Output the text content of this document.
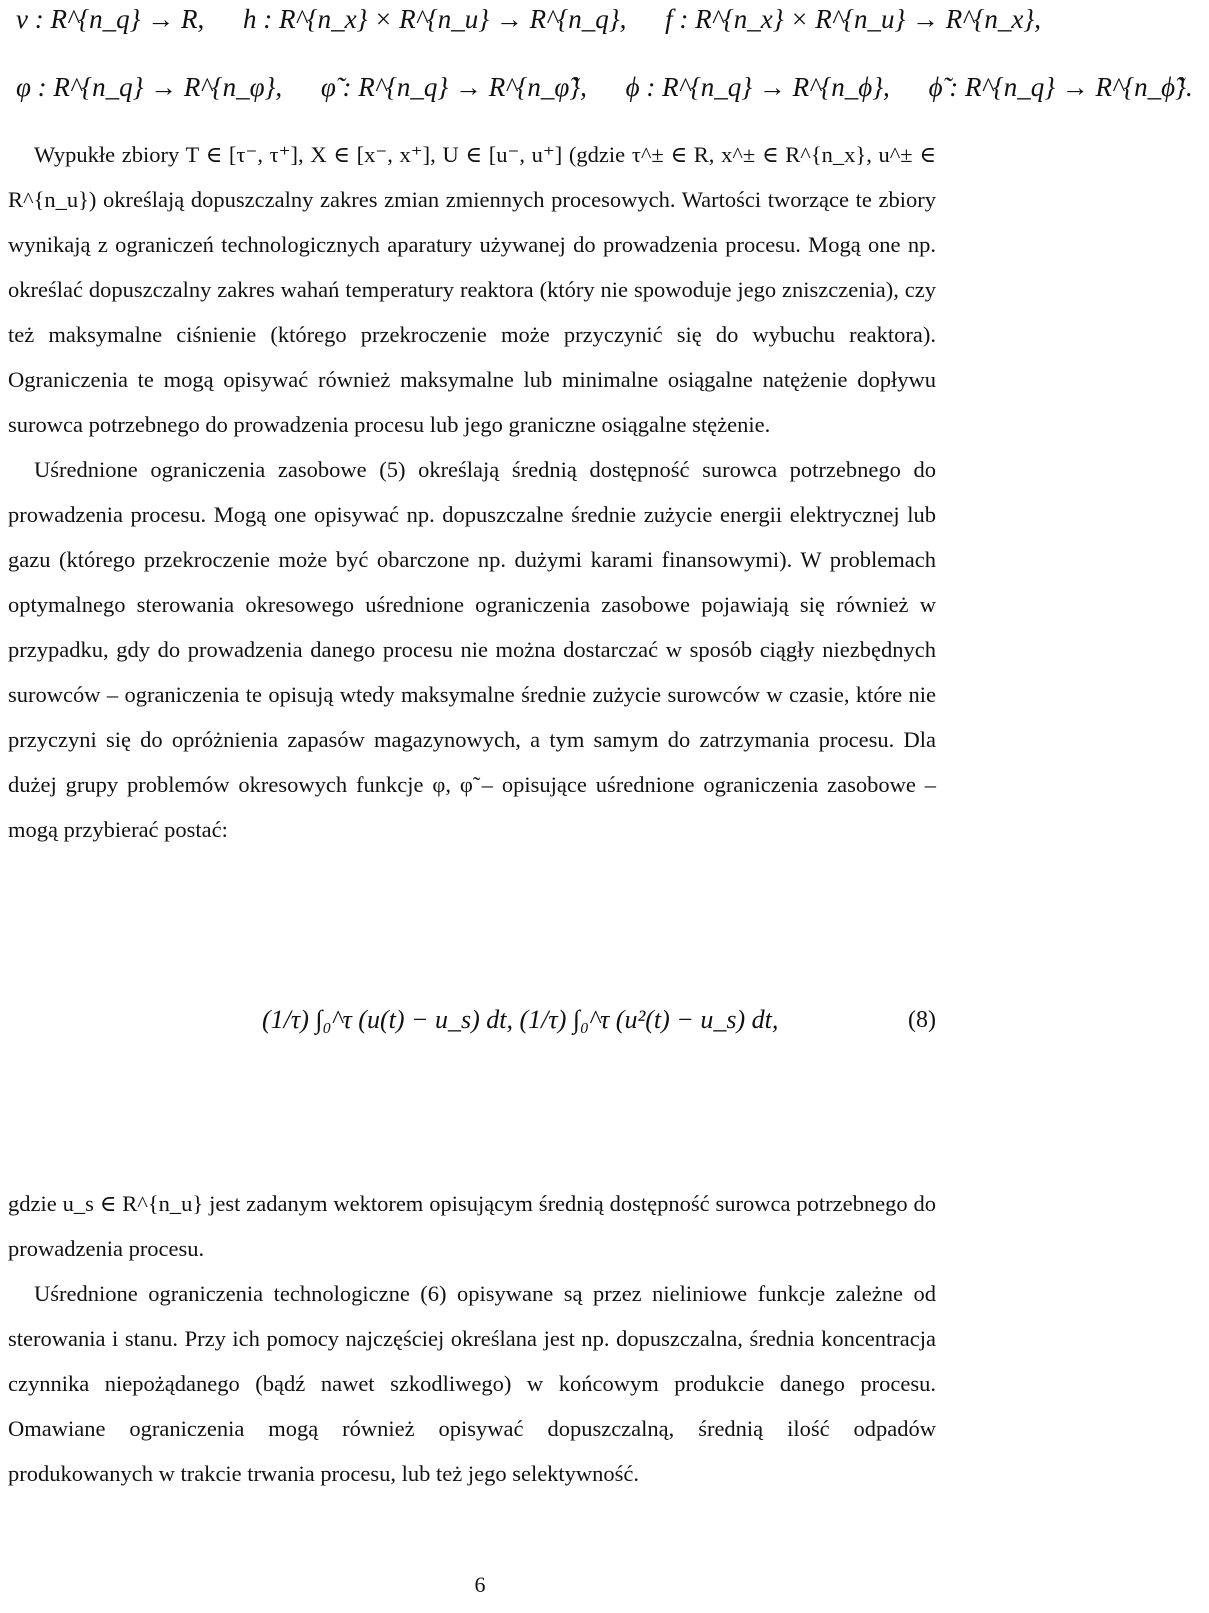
ν : R^{n_q} → R, h : R^{n_x} × R^{n_u} → R^{n_q}, f : R^{n_x} × R^{n_u} → R^{n_x},
φ : R^{n_q} → R^{n_φ}, φ̃ : R^{n_q} → R^{n_φ̃}, ϕ : R^{n_q} → R^{n_ϕ}, ϕ̃ : R^{n_q} → R^{n_ϕ̃}.

Wypukłe zbiory T ∈ [τ⁻, τ⁺], X ∈ [x⁻, x⁺], U ∈ [u⁻, u⁺] (gdzie τ^± ∈ R, x^± ∈ R^{n_x}, u^± ∈ R^{n_u}) określają dopuszczalny zakres zmian zmiennych procesowych. Wartości tworzące te zbiory wynikają z ograniczeń technologicznych aparatury używanej do prowadzenia procesu. Mogą one np. określać dopuszczalny zakres wahań temperatury reaktora (który nie spowoduje jego zniszczenia), czy też maksymalne ciśnienie (którego przekroczenie może przyczynić się do wybuchu reaktora). Ograniczenia te mogą opisywać również maksymalne lub minimalne osiągalne natężenie dopływu surowca potrzebnego do prowadzenia procesu lub jego graniczne osiągalne stężenie.

Uśrednione ograniczenia zasobowe (5) określają średnią dostępność surowca potrzebnego do prowadzenia procesu. Mogą one opisywać np. dopuszczalne średnie zużycie energii elektrycznej lub gazu (którego przekroczenie może być obarczone np. dużymi karami finansowymi). W problemach optymalnego sterowania okresowego uśrednione ograniczenia zasobowe pojawiają się również w przypadku, gdy do prowadzenia danego procesu nie można dostarczać w sposób ciągły niezbędnych surowców – ograniczenia te opisują wtedy maksymalne średnie zużycie surowców w czasie, które nie przyczyni się do opróżnienia zapasów magazynowych, a tym samym do zatrzymania procesu. Dla dużej grupy problemów okresowych funkcje φ, φ̃ – opisujące uśrednione ograniczenia zasobowe – mogą przybierać postać:

(1/τ) ∫₀^τ (u(t) − u_s) dt, (1/τ) ∫₀^τ (u²(t) − u_s) dt,	(8)

gdzie u_s ∈ R^{n_u} jest zadanym wektorem opisującym średnią dostępność surowca potrzebnego do prowadzenia procesu.

Uśrednione ograniczenia technologiczne (6) opisywane są przez nieliniowe funkcje zależne od sterowania i stanu. Przy ich pomocy najczęściej określana jest np. dopuszczalna, średnia koncentracja czynnika niepożądanego (bądź nawet szkodliwego) w końcowym produkcie danego procesu. Omawiane ograniczenia mogą również opisywać dopuszczalną, średnią ilość odpadów produkowanych w trakcie trwania procesu, lub też jego selektywność.

6
